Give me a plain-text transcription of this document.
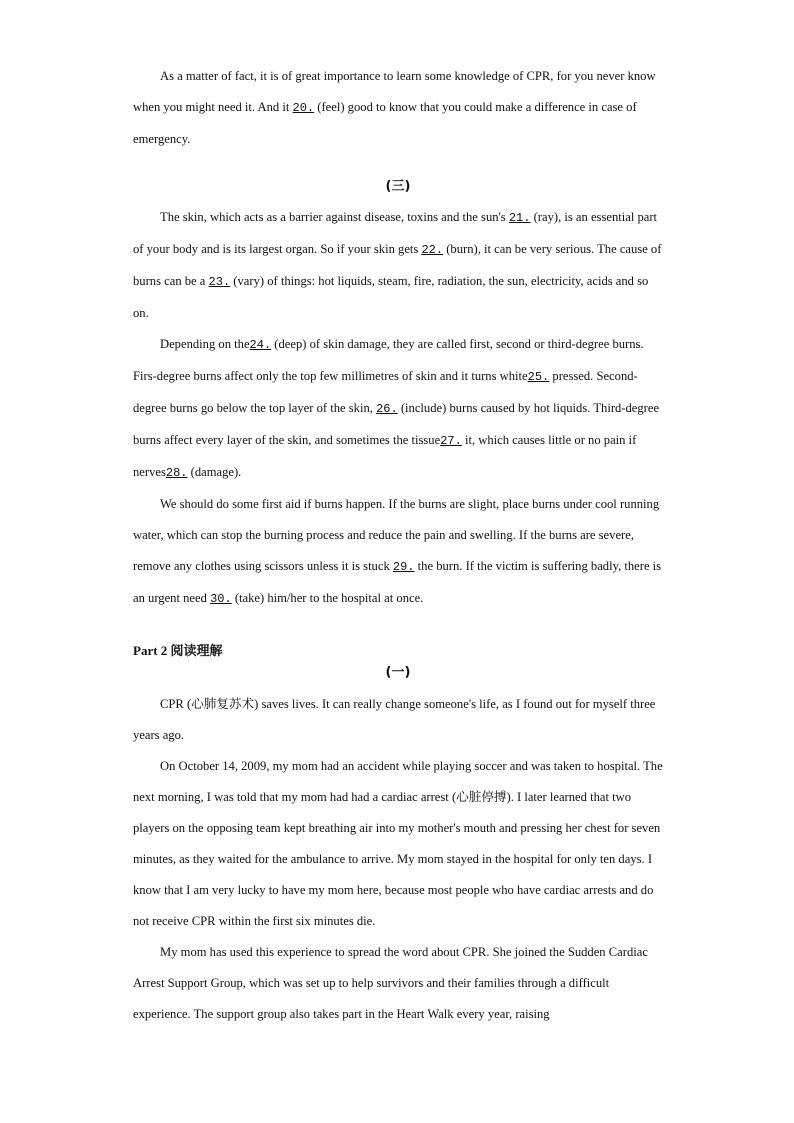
As a matter of fact, it is of great importance to learn some knowledge of CPR, for you never know when you might need it. And it 20. (feel) good to know that you could make a difference in case of emergency.

(三)

The skin, which acts as a barrier against disease, toxins and the sun's 21. (ray), is an essential part of your body and is its largest organ. So if your skin gets 22. (burn), it can be very serious. The cause of burns can be a 23. (vary) of things: hot liquids, steam, fire, radiation, the sun, electricity, acids and so on.

Depending on the24. (deep) of skin damage, they are called first, second or third-degree burns. Firs-degree burns affect only the top few millimetres of skin and it turns white25. pressed. Second-degree burns go below the top layer of the skin, 26. (include) burns caused by hot liquids. Third-degree burns affect every layer of the skin, and sometimes the tissue27. it, which causes little or no pain if nerves28. (damage).

We should do some first aid if burns happen. If the burns are slight, place burns under cool running water, which can stop the burning process and reduce the pain and swelling. If the burns are severe, remove any clothes using scissors unless it is stuck 29. the burn. If the victim is suffering badly, there is an urgent need 30. (take) him/her to the hospital at once.

Part 2 阅读理解
(一)

CPR (心肺复苏术) saves lives. It can really change someone's life, as I found out for myself three years ago.

On October 14, 2009, my mom had an accident while playing soccer and was taken to hospital. The next morning, I was told that my mom had had a cardiac arrest (心脏停搏). I later learned that two players on the opposing team kept breathing air into my mother's mouth and pressing her chest for seven minutes, as they waited for the ambulance to arrive. My mom stayed in the hospital for only ten days. I know that I am very lucky to have my mom here, because most people who have cardiac arrests and do not receive CPR within the first six minutes die.

My mom has used this experience to spread the word about CPR. She joined the Sudden Cardiac Arrest Support Group, which was set up to help survivors and their families through a difficult experience. The support group also takes part in the Heart Walk every year, raising
